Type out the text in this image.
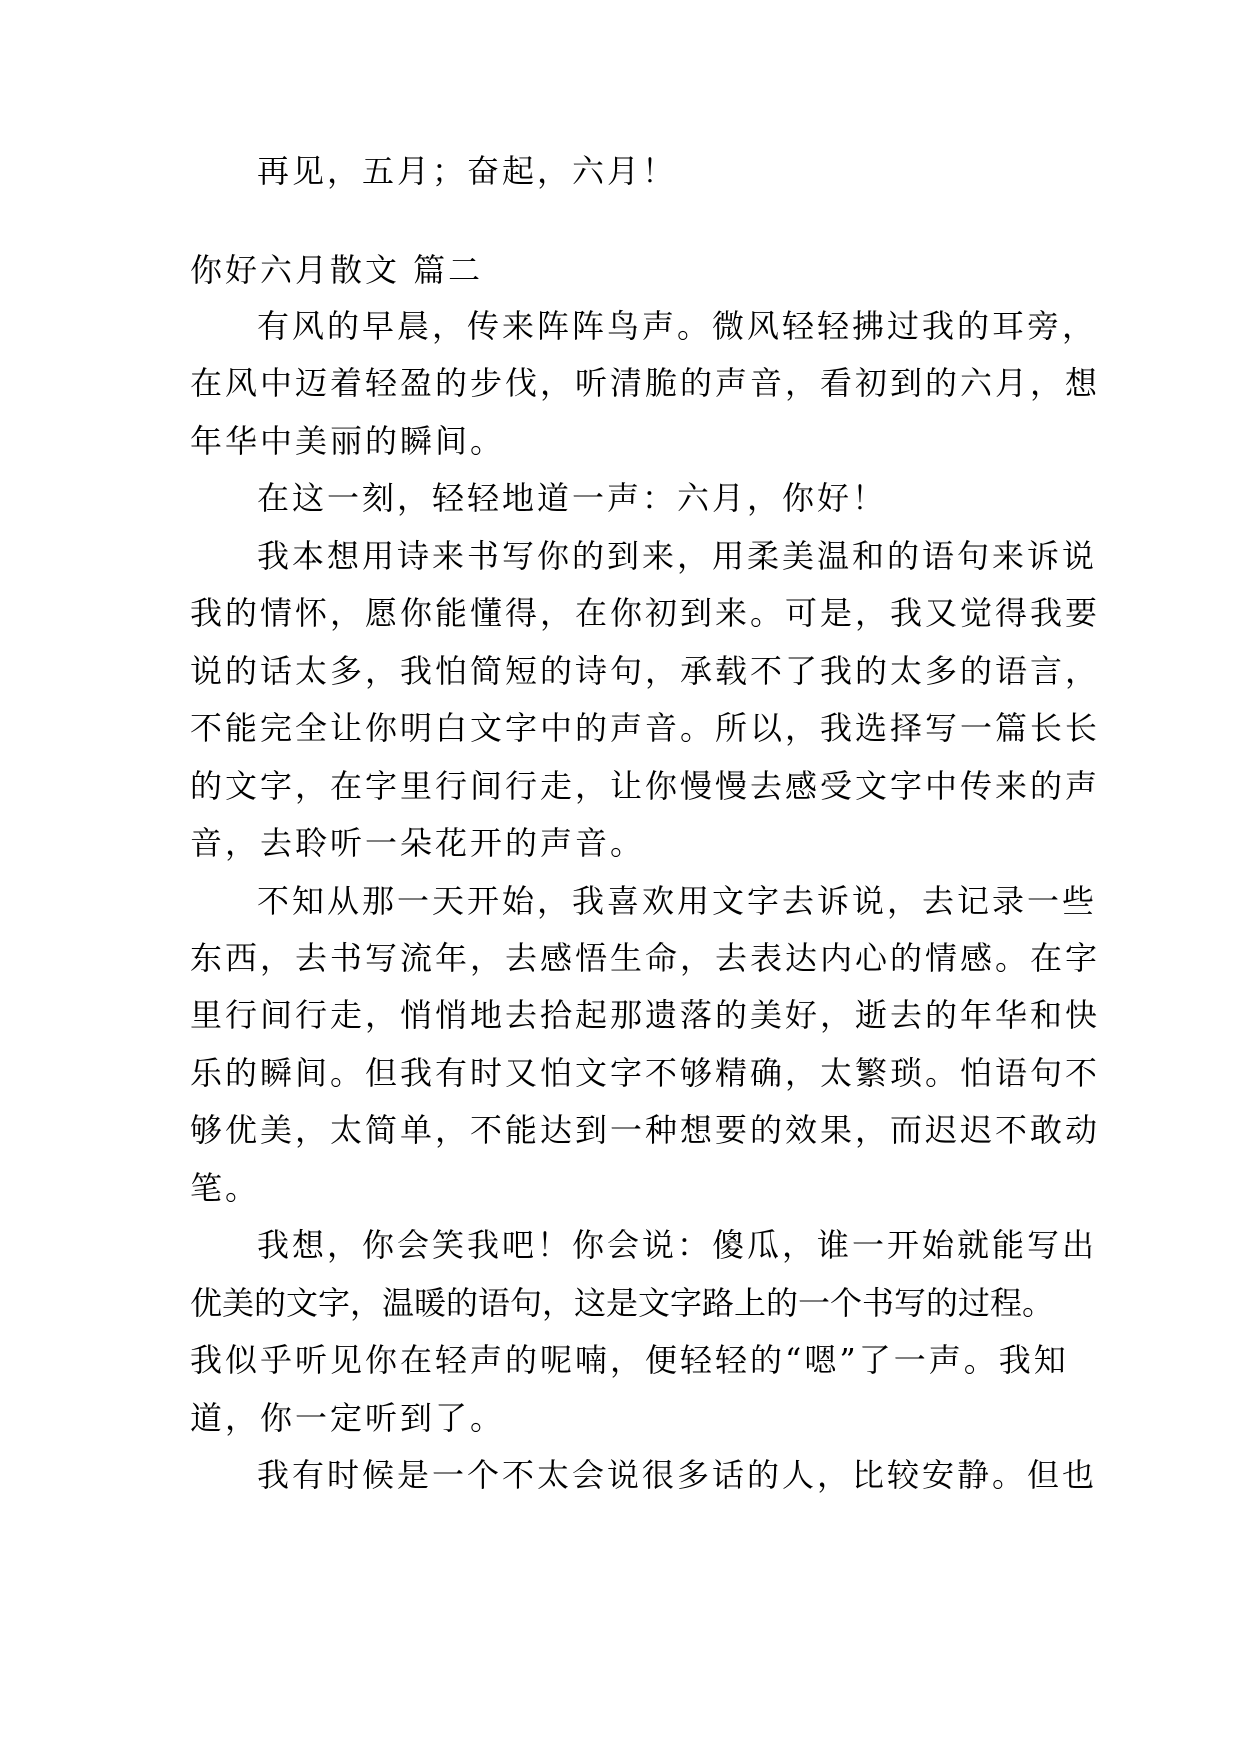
再见，五月；奋起，六月！
你好六月散文 篇二
有风的早晨，传来阵阵鸟声。微风轻轻拂过我的耳旁，
在风中迈着轻盈的步伐，听清脆的声音，看初到的六月，想
年华中美丽的瞬间。
在这一刻，轻轻地道一声：六月，你好！
我本想用诗来书写你的到来，用柔美温和的语句来诉说
我的情怀，愿你能懂得，在你初到来。可是，我又觉得我要
说的话太多，我怕简短的诗句，承载不了我的太多的语言，
不能完全让你明白文字中的声音。所以，我选择写一篇长长
的文字，在字里行间行走，让你慢慢去感受文字中传来的声
音，去聆听一朵花开的声音。
不知从那一天开始，我喜欢用文字去诉说，去记录一些
东西，去书写流年，去感悟生命，去表达内心的情感。在字
里行间行走，悄悄地去拾起那遗落的美好，逝去的年华和快
乐的瞬间。但我有时又怕文字不够精确，太繁琐。怕语句不
够优美，太简单，不能达到一种想要的效果，而迟迟不敢动
笔。
我想，你会笑我吧！你会说：傻瓜，谁一开始就能写出
优美的文字，温暖的语句，这是文字路上的一个书写的过程。
我似乎听见你在轻声的呢喃，便轻轻的“嗯”了一声。我知
道，你一定听到了。
我有时候是一个不太会说很多话的人，比较安静。但也
